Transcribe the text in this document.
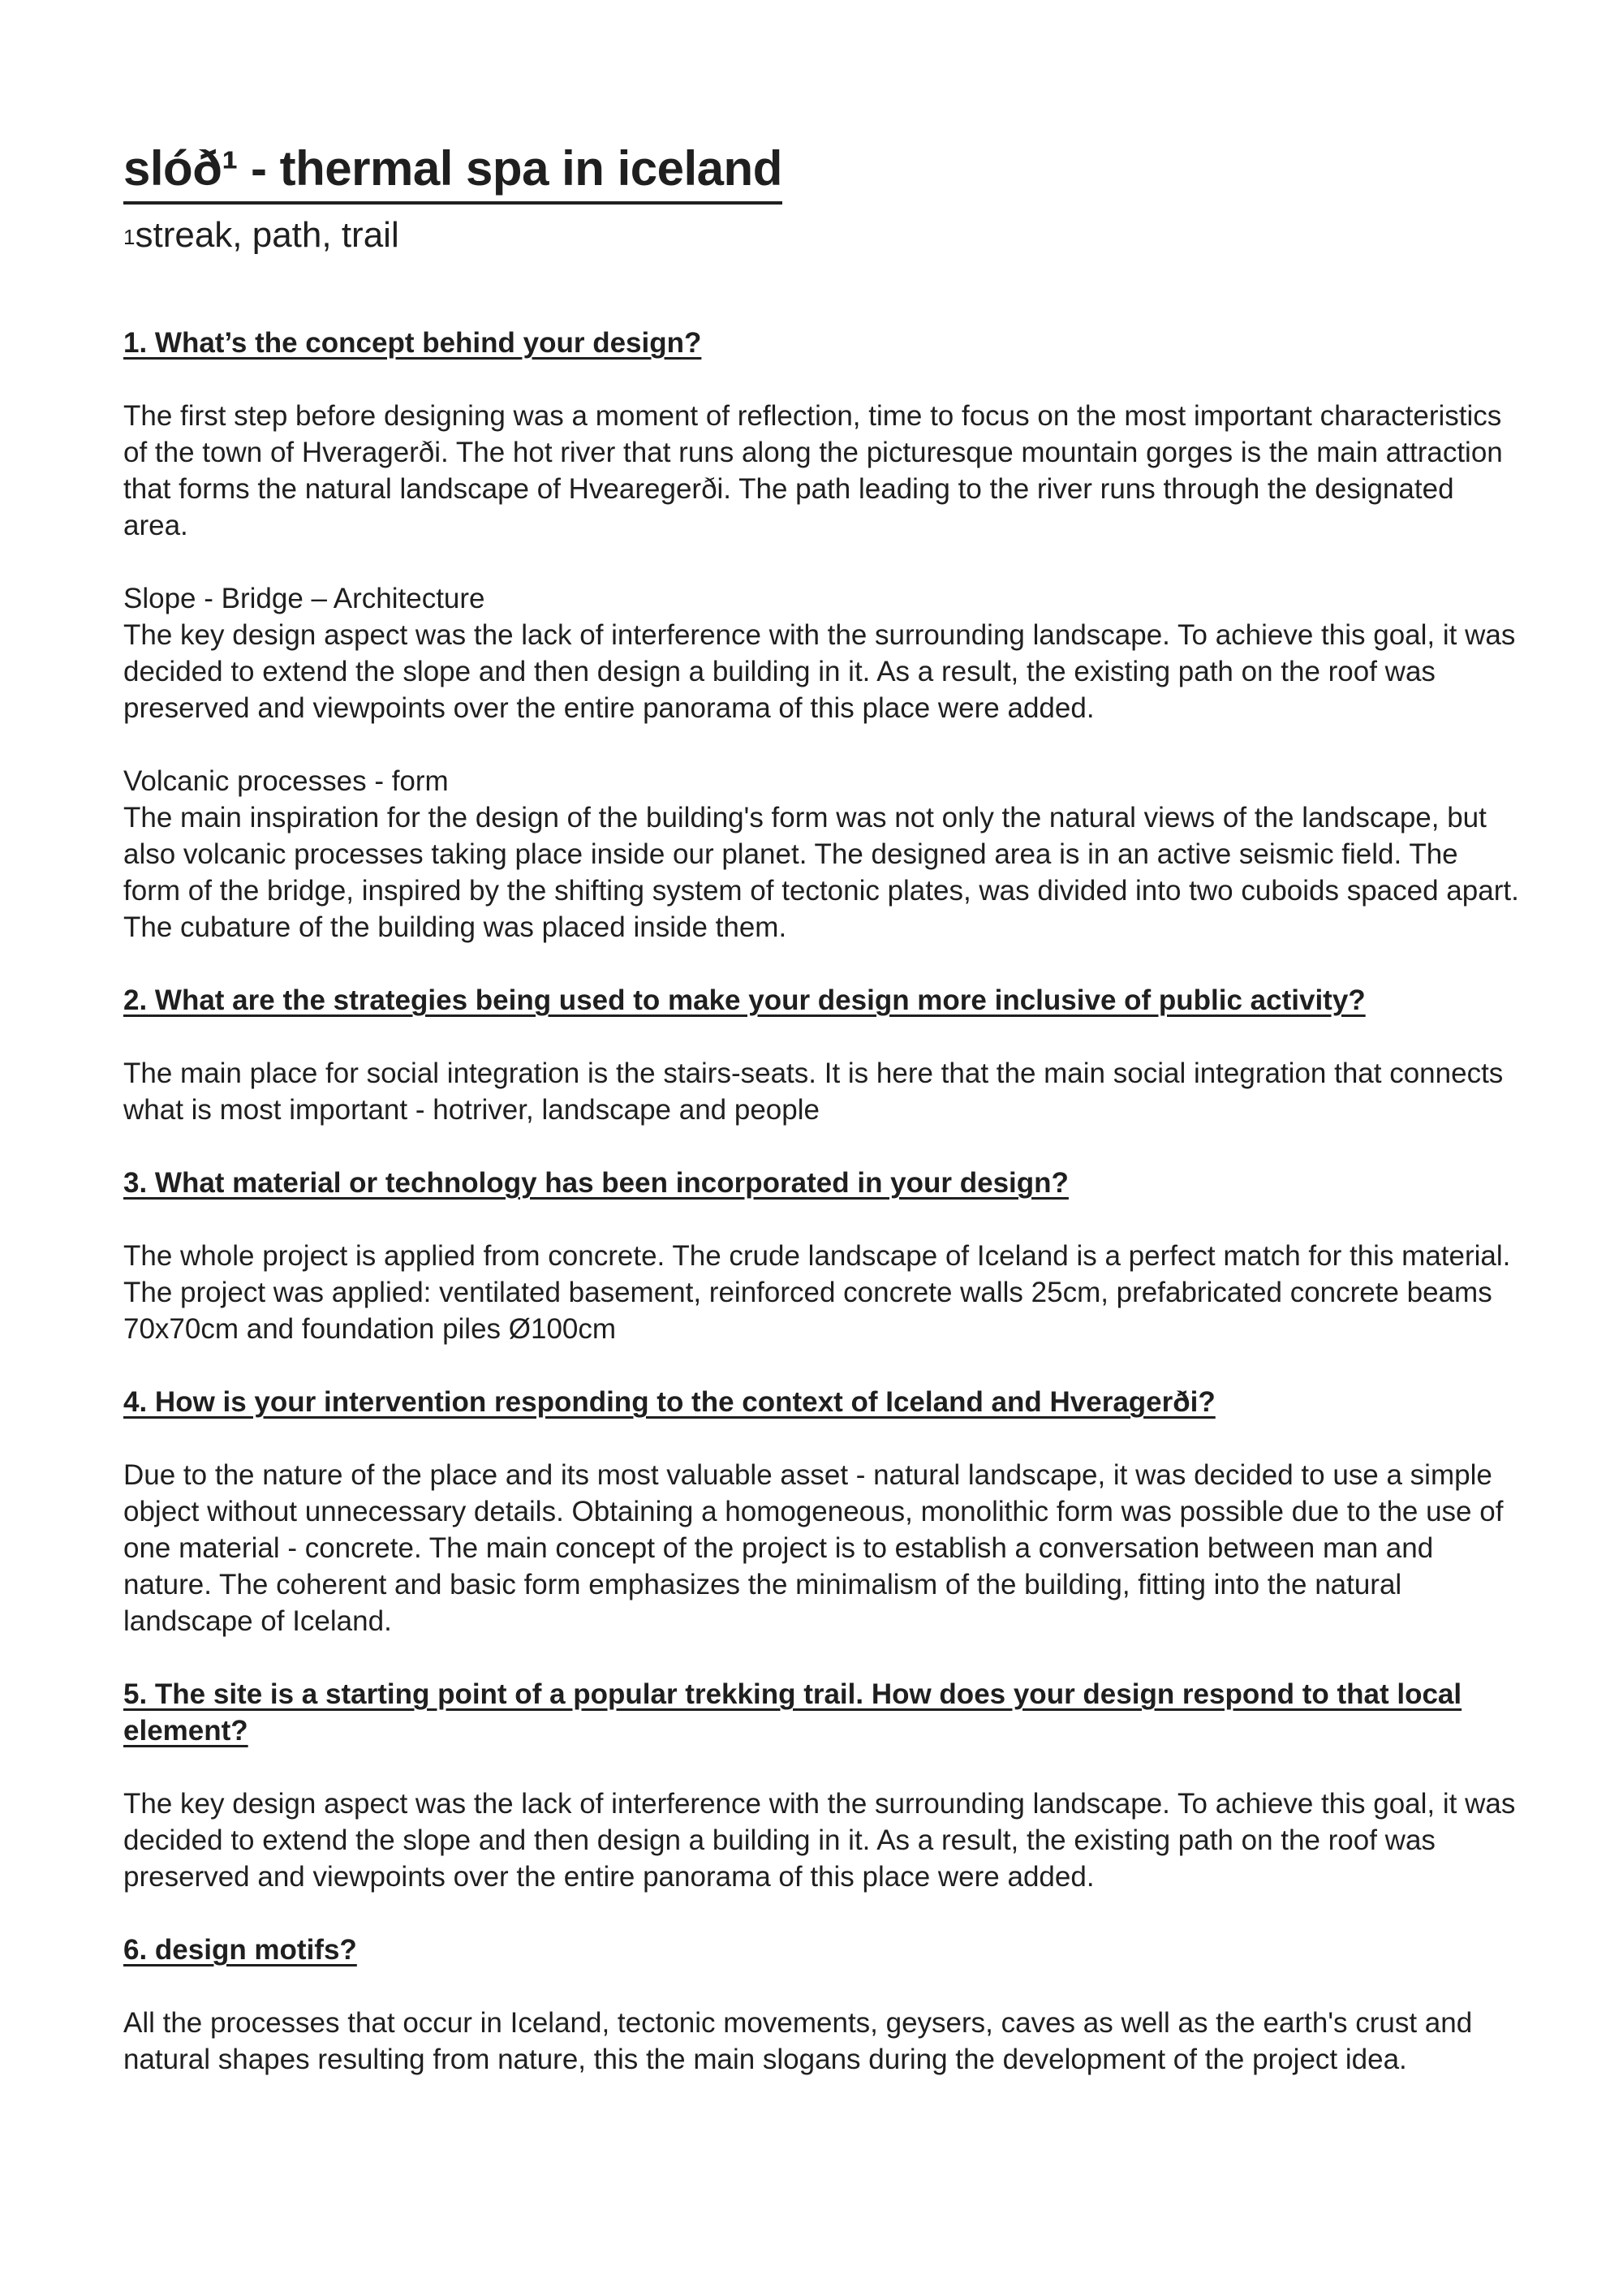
slóð¹ - thermal spa in iceland
$^1$streak, path, trail

1. What’s the concept behind your design?

The first step before designing was a moment of reflection, time to focus on the most important characteristics of the town of Hveragerði. The hot river that runs along the picturesque mountain gorges is the main attraction that forms the natural landscape of Hvearegerði. The path leading to the river runs through the designated area.

Slope - Bridge – Architecture
The key design aspect was the lack of interference with the surrounding landscape. To achieve this goal, it was decided to extend the slope and then design a building in it. As a result, the existing path on the roof was preserved and viewpoints over the entire panorama of this place were added.

Volcanic processes - form
The main inspiration for the design of the building's form was not only the natural views of the landscape, but also volcanic processes taking place inside our planet. The designed area is in an active seismic field. The form of the bridge, inspired by the shifting system of tectonic plates, was divided into two cuboids spaced apart. The cubature of the building was placed inside them.

2. What are the strategies being used to make your design more inclusive of public activity?

The main place for social integration is the stairs-seats. It is here that the main social integration that connects what is most important - hotriver, landscape and people

3. What material or technology has been incorporated in your design?

The whole project is applied from concrete. The crude landscape of Iceland is a perfect match for this material. The project was applied: ventilated basement, reinforced concrete walls 25cm, prefabricated concrete beams 70x70cm and foundation piles Ø100cm

4. How is your intervention responding to the context of Iceland and Hveragerði?

Due to the nature of the place and its most valuable asset - natural landscape, it was decided to use a simple object without unnecessary details. Obtaining a homogeneous, monolithic form was possible due to the use of one material - concrete. The main concept of the project is to establish a conversation between man and nature. The coherent and basic form emphasizes the minimalism of the building, fitting into the natural landscape of Iceland.

5. The site is a starting point of a popular trekking trail. How does your design respond to that local element?

The key design aspect was the lack of interference with the surrounding landscape. To achieve this goal, it was decided to extend the slope and then design a building in it. As a result, the existing path on the roof was preserved and viewpoints over the entire panorama of this place were added.

6. design motifs?

All the processes that occur in Iceland, tectonic movements, geysers, caves as well as the earth's crust and natural shapes resulting from nature, this the main slogans during the development of the project idea.
